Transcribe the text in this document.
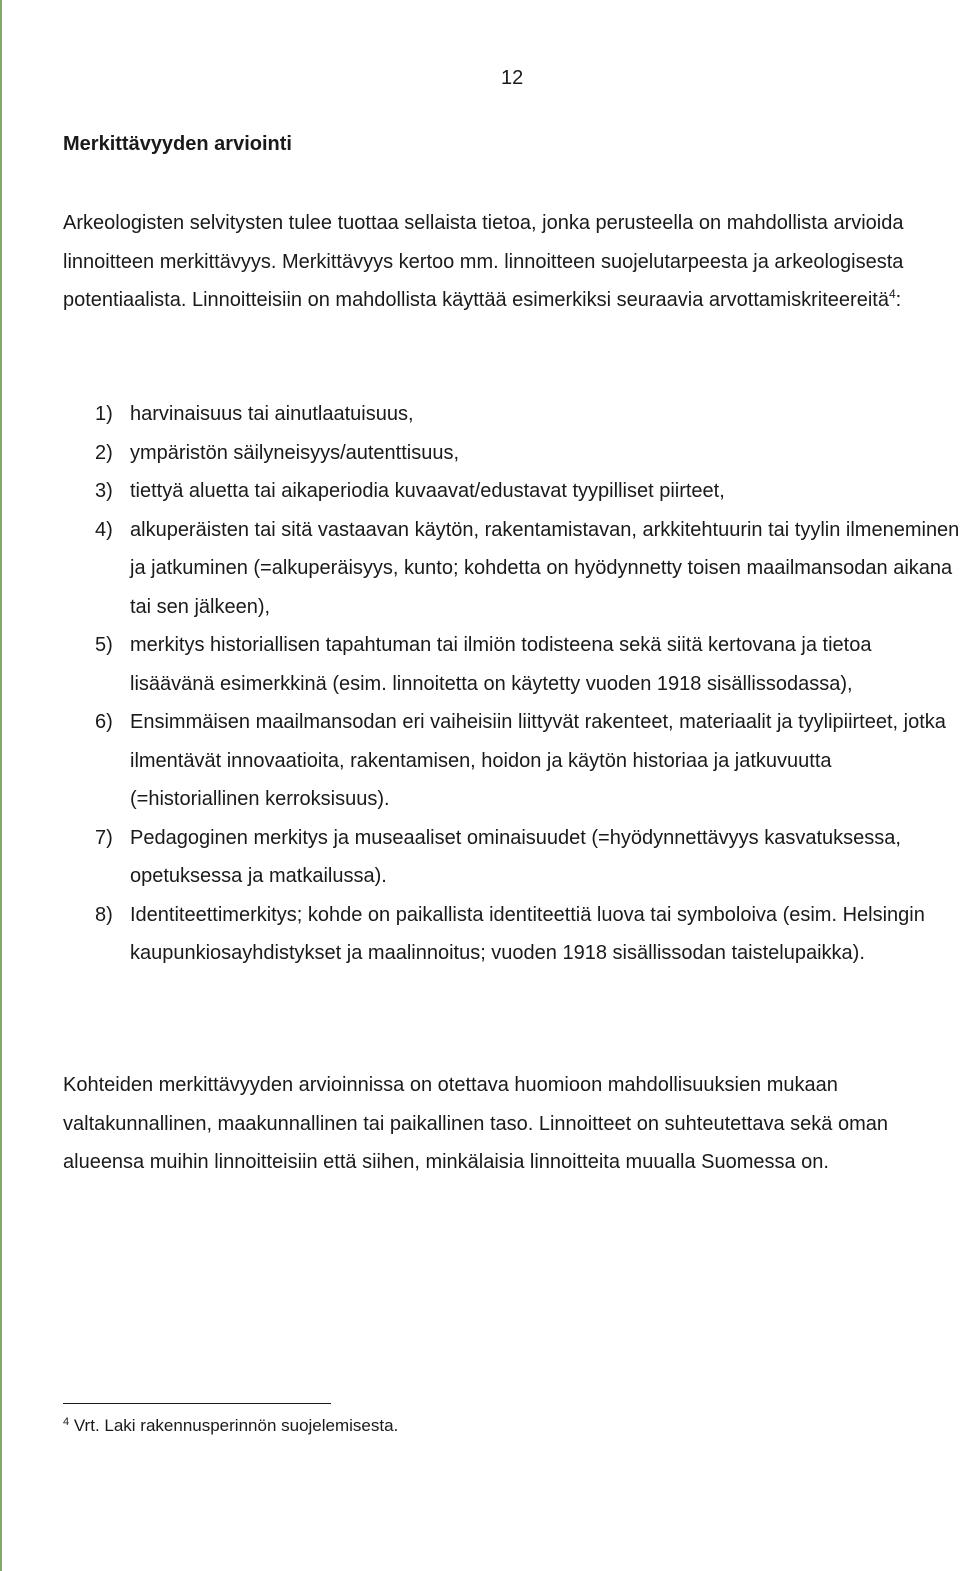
12
Merkittävyyden arviointi

Arkeologisten selvitysten tulee tuottaa sellaista tietoa, jonka perusteella on mahdollista arvioida linnoitteen merkittävyys. Merkittävyys kertoo mm. linnoitteen suojelutarpeesta ja arkeologisesta potentiaalista. Linnoitteisiin on mahdollista käyttää esimerkiksi seuraavia arvottamiskriteereitä$^4$:

1) harvinaisuus tai ainutlaatuisuus,
2) ympäristön säilyneisyys/autenttisuus,
3) tiettyä aluetta tai aikaperiodia kuvaavat/edustavat tyypilliset piirteet,
4) alkuperäisten tai sitä vastaavan käytön, rakentamistavan, arkkitehtuurin tai tyylin ilmeneminen ja jatkuminen (=alkuperäisyys, kunto; kohdetta on hyödynnetty toisen maailmansodan aikana tai sen jälkeen),
5) merkitys historiallisen tapahtuman tai ilmiön todisteena sekä siitä kertovana ja tietoa lisäävänä esimerkkinä (esim. linnoitetta on käytetty vuoden 1918 sisällissodassa),
6) Ensimmäisen maailmansodan eri vaiheisiin liittyvät rakenteet, materiaalit ja tyylipiirteet, jotka ilmentävät innovaatioita, rakentamisen, hoidon ja käytön historiaa ja jatkuvuutta (=historiallinen kerroksisuus).
7) Pedagoginen merkitys ja museaaliset ominaisuudet (=hyödynnettävyys kasvatuksessa, opetuksessa ja matkailussa).
8) Identiteettimerkitys; kohde on paikallista identiteettiä luova tai symboloiva (esim. Helsingin kaupunkiosayhdistykset ja maalinnoitus; vuoden 1918 sisällissodan taistelupaikka).

Kohteiden merkittävyyden arvioinnissa on otettava huomioon mahdollisuuksien mukaan valtakunnallinen, maakunnallinen tai paikallinen taso. Linnoitteet on suhteutettava sekä oman alueensa muihin linnoitteisiin että siihen, minkälaisia linnoitteita muualla Suomessa on.

$^4$ Vrt. Laki rakennusperinnön suojelemisesta.
